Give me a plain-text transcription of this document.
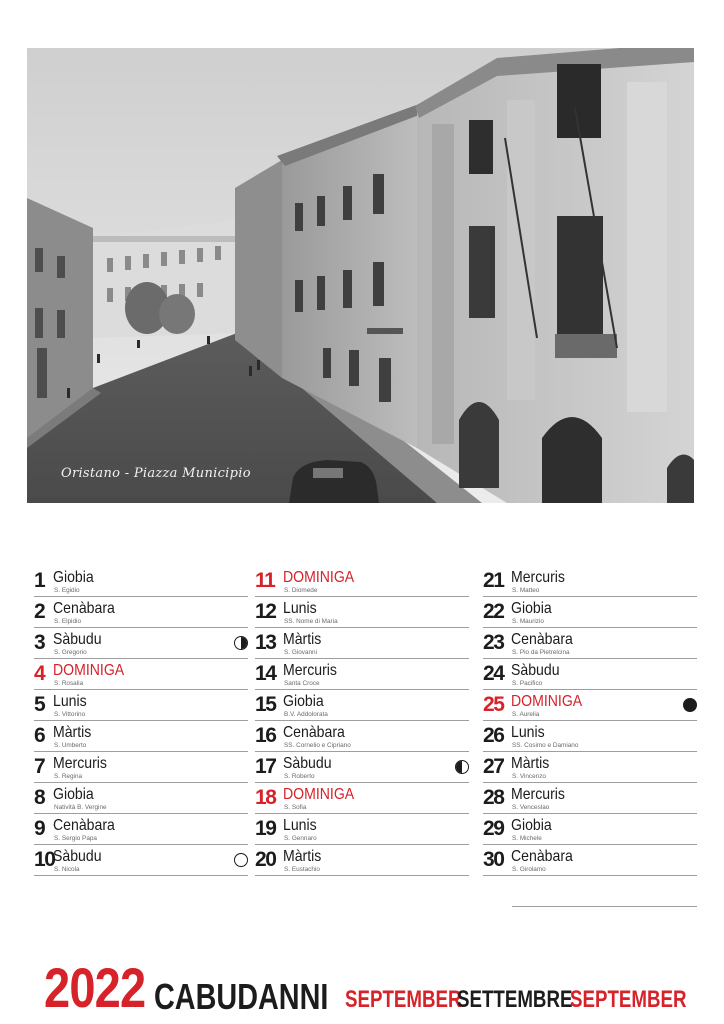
Oristano - Piazza Municipio
1 Giobia
S. Egidio
2 Cenàbara
S. Elpidio
3 Sàbudu
S. Gregorio
4 DOMINIGA
S. Rosalia
5 Lunis
S. Vittorino
6 Màrtis
S. Umberto
7 Mercuris
S. Regina
8 Giobia
Natività B. Vergine
9 Cenàbara
S. Sergio Papa
10
Sàbudu
S. Nicola
11 DOMINIGA
S. Diomede
12 Lunis
SS. Nome di Maria
13 Màrtis
S. Giovanni
14 Mercuris
Santa Croce
15 Giobia
B.V. Addolorata
16 Cenàbara
SS. Cornelio e Cipriano
17 Sàbudu
S. Roberto
18 DOMINIGA
S. Sofia
19 Lunis
S. Gennaro
20 Màrtis
S. Eustachio
21 Mercuris
S. Matteo
22 Giobia
S. Maurizio
23 Cenàbara
S. Pio da Pietrelcina
24 Sàbudu
S. Pacifico
25 DOMINIGA
S. Aurelia
26 Lunis
SS. Cosimo e Damiano
27 Màrtis
S. Vincenzo
28 Mercuris
S. Venceslao
29 Giobia
S. Michele
30 Cenàbara
S. Girolamo
2022 CABUDANNI SEPTEMBER
SETTEMBRE
SEPTEMBER
